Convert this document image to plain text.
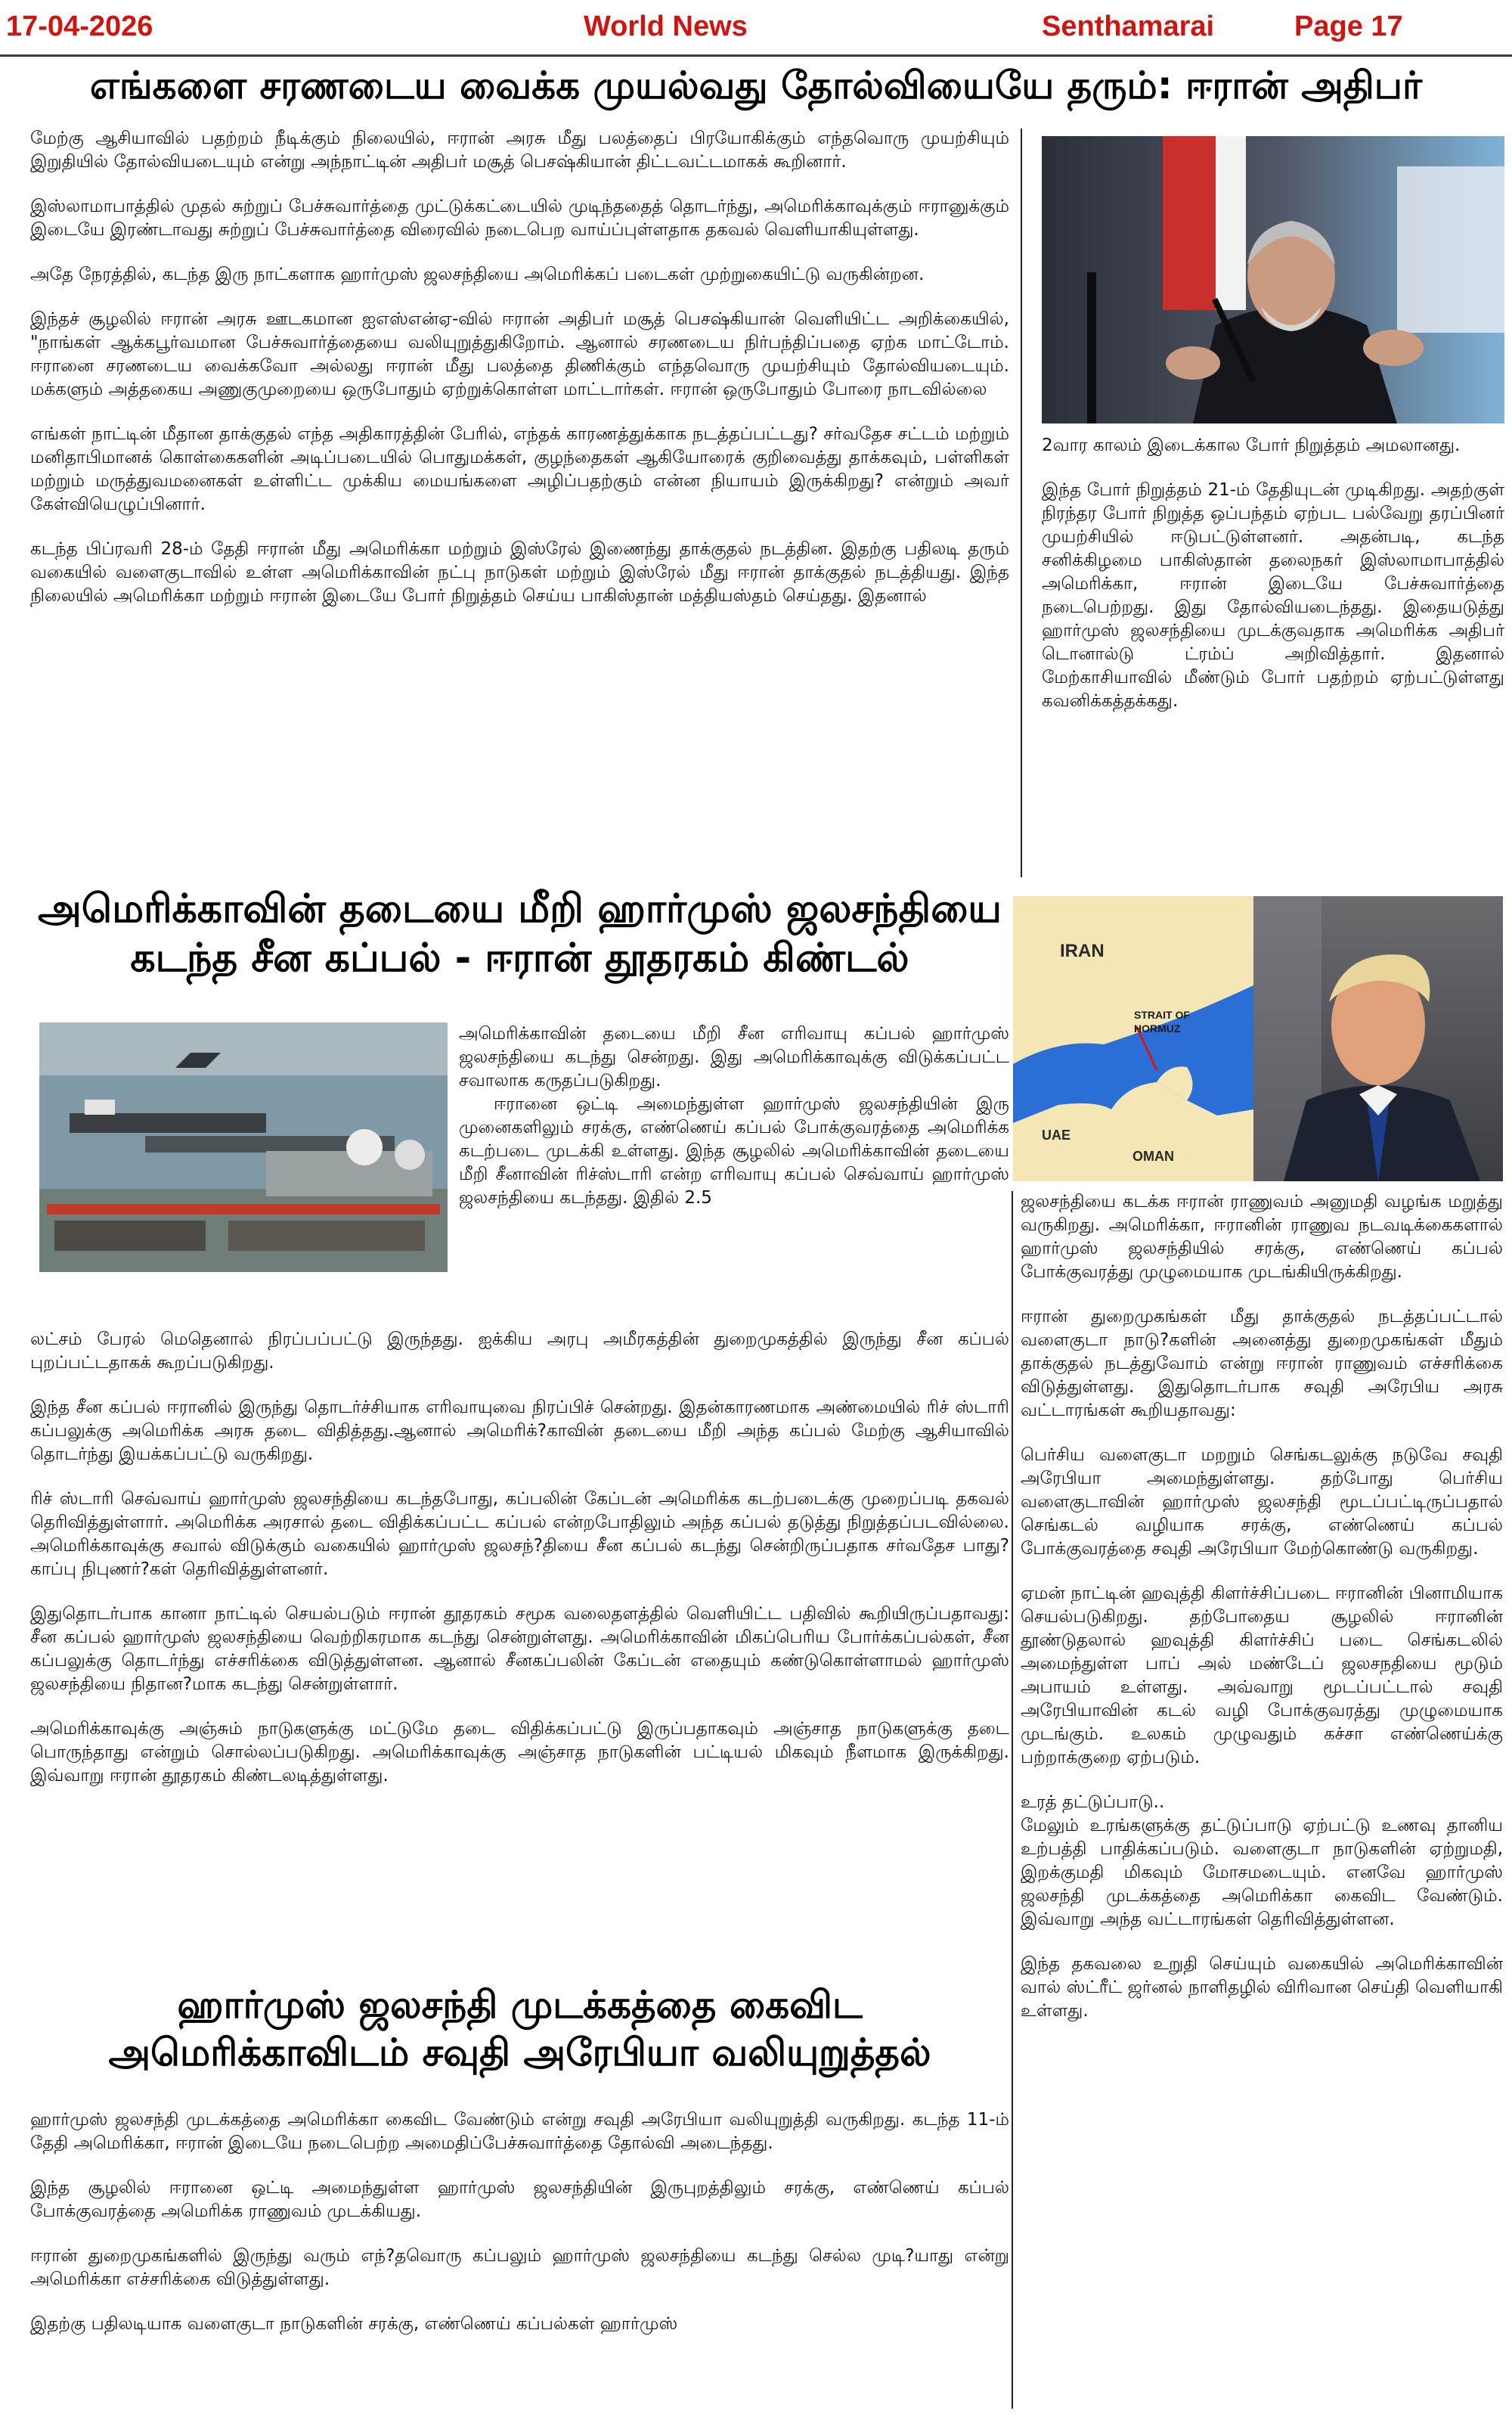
17-04-2026	World News	Senthamarai	Page 17
எங்களை சரணடைய வைக்க முயல்வது தோல்வியையே தரும்: ஈரான் அதிபர்

மேற்கு ஆசியாவில் பதற்றம் நீடிக்கும் நிலையில், ஈரான் அரசு மீது பலத்தைப் பிரயோகிக்கும் எந்தவொரு முயற்சியும் இறுதியில் தோல்வியடையும் என்று அந்நாட்டின் அதிபர் மசூத் பெசஷ்கியான் திட்டவட்டமாகக் கூறினார்.

இஸ்லாமாபாத்தில் முதல் சுற்றுப் பேச்சுவார்த்தை முட்டுக்கட்டையில் முடிந்ததைத் தொடர்ந்து, அமெரிக்காவுக்கும் ஈரானுக்கும் இடையே இரண்டாவது சுற்றுப் பேச்சுவார்த்தை விரைவில் நடைபெற வாய்ப்புள்ளதாக தகவல் வெளியாகியுள்ளது.

அதே நேரத்தில், கடந்த இரு நாட்களாக ஹார்முஸ் ஜலசந்தியை அமெரிக்கப் படைகள் முற்றுகையிட்டு வருகின்றன.

இந்தச் சூழலில் ஈரான் அரசு ஊடகமான ஐஎஸ்என்ஏ-வில் ஈரான் அதிபர் மசூத் பெசஷ்கியான் வெளியிட்ட அறிக்கையில், "நாங்கள் ஆக்கபூர்வமான பேச்சுவார்த்தையை வலியுறுத்துகிறோம். ஆனால் சரணடைய நிர்பந்திப்பதை ஏற்க மாட்டோம். ஈரானை சரணடைய வைக்கவோ அல்லது ஈரான் மீது பலத்தை திணிக்கும் எந்தவொரு முயற்சியும் தோல்வியடையும். மக்களும் அத்தகைய அணுகுமுறையை ஒருபோதும் ஏற்றுக்கொள்ள மாட்டார்கள். ஈரான் ஒருபோதும் போரை நாடவில்லை

எங்கள் நாட்டின் மீதான தாக்குதல் எந்த அதிகாரத்தின் பேரில், எந்தக் காரணத்துக்காக நடத்தப்பட்டது? சர்வதேச சட்டம் மற்றும் மனிதாபிமானக் கொள்கைகளின் அடிப்படையில் பொதுமக்கள், குழந்தைகள் ஆகியோரைக் குறிவைத்து தாக்கவும், பள்ளிகள் மற்றும் மருத்துவமனைகள் உள்ளிட்ட முக்கிய மையங்களை அழிப்பதற்கும் என்ன நியாயம் இருக்கிறது? என்றும் அவர் கேள்வியெழுப்பினார்.

கடந்த பிப்ரவரி 28-ம் தேதி ஈரான் மீது அமெரிக்கா மற்றும் இஸ்ரேல் இணைந்து தாக்குதல் நடத்தின. இதற்கு பதிலடி தரும் வகையில் வளைகுடாவில் உள்ள அமெரிக்காவின் நட்பு நாடுகள் மற்றும் இஸ்ரேல் மீது ஈரான் தாக்குதல் நடத்தியது. இந்த நிலையில் அமெரிக்கா மற்றும் ஈரான் இடையே போர் நிறுத்தம் செய்ய பாகிஸ்தான் மத்தியஸ்தம் செய்தது. இதனால்

2வார காலம் இடைக்கால போர் நிறுத்தம் அமலானது.

இந்த போர் நிறுத்தம் 21-ம் தேதியுடன் முடிகிறது. அதற்குள் நிரந்தர போர் நிறுத்த ஒப்பந்தம் ஏற்பட பல்வேறு தரப்பினர் முயற்சியில் ஈடுபட்டுள்ளனர். அதன்படி, கடந்த சனிக்கிழமை பாகிஸ்தான் தலைநகர் இஸ்லாமாபாத்தில் அமெரிக்கா, ஈரான் இடையே பேச்சுவார்த்தை நடைபெற்றது. இது தோல்வியடைந்தது. இதையடுத்து ஹார்முஸ் ஜலசந்தியை முடக்குவதாக அமெரிக்க அதிபர் டொனால்டு ட்ரம்ப் அறிவித்தார். இதனால் மேற்காசியாவில் மீண்டும் போர் பதற்றம் ஏற்பட்டுள்ளது கவனிக்கத்தக்கது.

அமெரிக்காவின் தடையை மீறி ஹார்முஸ் ஜலசந்தியை
கடந்த சீன கப்பல் - ஈரான் தூதரகம் கிண்டல்

அமெரிக்காவின் தடையை மீறி சீன எரிவாயு கப்பல் ஹார்முஸ் ஜலசந்தியை கடந்து சென்றது. இது அமெரிக்காவுக்கு விடுக்கப்பட்ட சவாலாக கருதப்படுகிறது.

ஈரானை ஒட்டி அமைந்துள்ள ஹார்முஸ் ஜலசந்தியின் இரு முனைகளிலும் சரக்கு, எண்ணெய் கப்பல் போக்குவரத்தை அமெரிக்க கடற்படை முடக்கி உள்ளது. இந்த சூழலில் அமெரிக்காவின் தடையை மீறி சீனாவின் ரிச்ஸ்டாரி என்ற எரிவாயு கப்பல் செவ்வாய் ஹார்முஸ் ஜலசந்தியை கடந்தது. இதில் 2.5

லட்சம் பேரல் மெதெனால் நிரப்பப்பட்டு இருந்தது. ஐக்கிய அரபு அமீரகத்தின் துறைமுகத்தில் இருந்து சீன கப்பல் புறப்பட்டதாகக் கூறப்படுகிறது.

இந்த சீன கப்பல் ஈரானில் இருந்து தொடர்ச்சியாக எரிவாயுவை நிரப்பிச் சென்றது. இதன்காரணமாக அண்மையில் ரிச் ஸ்டாரி கப்பலுக்கு அமெரிக்க அரசு தடை விதித்தது.ஆனால் அமெரிக்?காவின் தடையை மீறி அந்த கப்பல் மேற்கு ஆசியாவில் தொடர்ந்து இயக்கப்பட்டு வருகிறது.

ரிச் ஸ்டாரி செவ்வாய் ஹார்முஸ் ஜலசந்தியை கடந்தபோது, கப்பலின் கேப்டன் அமெரிக்க கடற்படைக்கு முறைப்படி தகவல் தெரிவித்துள்ளார். அமெரிக்க அரசால் தடை விதிக்கப்பட்ட கப்பல் என்றபோதிலும் அந்த கப்பல் தடுத்து நிறுத்தப்படவில்லை. அமெரிக்காவுக்கு சவால் விடுக்கும் வகையில் ஹார்முஸ் ஜலசந்?தியை சீன கப்பல் கடந்து சென்றிருப்பதாக சர்வதேச பாது?காப்பு நிபுணர்?கள் தெரிவித்துள்ளனர்.

இதுதொடர்பாக கானா நாட்டில் செயல்படும் ஈரான் தூதரகம் சமூக வலைதளத்தில் வெளியிட்ட பதிவில் கூறியிருப்பதாவது: சீன கப்பல் ஹார்முஸ் ஜலசந்தியை வெற்றிகரமாக கடந்து சென்றுள்ளது. அமெரிக்காவின் மிகப்பெரிய போர்க்கப்பல்கள், சீன கப்பலுக்கு தொடர்ந்து எச்சரிக்கை விடுத்துள்ளன. ஆனால் சீனகப்பலின் கேப்டன் எதையும் கண்டுகொள்ளாமல் ஹார்முஸ் ஜலசந்தியை நிதான?மாக கடந்து சென்றுள்ளார்.

அமெரிக்காவுக்கு அஞ்சும் நாடுகளுக்கு மட்டுமே தடை விதிக்கப்பட்டு இருப்பதாகவும் அஞ்சாத நாடுகளுக்கு தடை பொருந்தாது என்றும் சொல்லப்படுகிறது. அமெரிக்காவுக்கு அஞ்சாத நாடுகளின் பட்டியல் மிகவும் நீளமாக இருக்கிறது. இவ்வாறு ஈரான் தூதரகம் கிண்டலடித்துள்ளது.

IRAN
STRAIT OF
HORMUZ
UAE
OMAN

ஜலசந்தியை கடக்க ஈரான் ராணுவம் அனுமதி வழங்க மறுத்து வருகிறது. அமெரிக்கா, ஈரானின் ராணுவ நடவடிக்கைகளால் ஹார்முஸ் ஜலசந்தியில் சரக்கு, எண்ணெய் கப்பல் போக்குவரத்து முழுமையாக முடங்கியிருக்கிறது.

ஈரான் துறைமுகங்கள் மீது தாக்குதல் நடத்தப்பட்டால் வளைகுடா நாடு?களின் அனைத்து துறைமுகங்கள் மீதும் தாக்குதல் நடத்துவோம் என்று ஈரான் ராணுவம் எச்சரிக்கை விடுத்துள்ளது. இதுதொடர்பாக சவுதி அரேபிய அரசு வட்டாரங்கள் கூறியதாவது:

பெர்சிய வளைகுடா மறறும் செங்கடலுக்கு நடுவே சவுதி அரேபியா அமைந்துள்ளது. தற்போது பெர்சிய வளைகுடாவின் ஹார்முஸ் ஜலசந்தி மூடப்பட்டிருப்பதால் செங்கடல் வழியாக சரக்கு, எண்ணெய் கப்பல் போக்குவரத்தை சவுதி அரேபியா மேற்கொண்டு வருகிறது.

ஏமன் நாட்டின் ஹவுத்தி கிளர்ச்சிப்படை ஈரானின் பினாமியாக செயல்படுகிறது. தற்போதைய சூழலில் ஈரானின் தூண்டுதலால் ஹவுத்தி கிளர்ச்சிப் படை செங்கடலில் அமைந்துள்ள பாப் அல் மண்டேப் ஜலசநதியை மூடும் அபாயம் உள்ளது. அவ்வாறு மூடப்பட்டால் சவுதி அரேபியாவின் கடல் வழி போக்குவரத்து முழுமையாக முடங்கும். உலகம் முழுவதும் கச்சா எண்ணெய்க்கு பற்றாக்குறை ஏற்படும்.

உரத் தட்டுப்பாடு..

மேலும் உரங்களுக்கு தட்டுப்பாடு ஏற்பட்டு உணவு தானிய உற்பத்தி பாதிக்கப்படும். வளைகுடா நாடுகளின் ஏற்றுமதி, இறக்குமதி மிகவும் மோசமடையும். எனவே ஹார்முஸ் ஜலசந்தி முடக்கத்தை அமெரிக்கா கைவிட வேண்டும். இவ்வாறு அந்த வட்டாரங்கள் தெரிவித்துள்ளன.

இந்த தகவலை உறுதி செய்யும் வகையில் அமெரிக்காவின் வால் ஸ்ட்ரீட் ஜர்னல் நாளிதழில் விரிவான செய்தி வெளியாகி உள்ளது.

ஹார்முஸ் ஜலசந்தி முடக்கத்தை கைவிட
அமெரிக்காவிடம் சவுதி அரேபியா வலியுறுத்தல்

ஹார்முஸ் ஜலசந்தி முடக்கத்தை அமெரிக்கா கைவிட வேண்டும் என்று சவுதி அரேபியா வலியுறுத்தி வருகிறது. கடந்த 11-ம் தேதி அமெரிக்கா, ஈரான் இடையே நடைபெற்ற அமைதிப்பேச்சுவார்த்தை தோல்வி அடைந்தது.

இந்த சூழலில் ஈரானை ஒட்டி அமைந்துள்ள ஹார்முஸ் ஜலசந்தியின் இருபுறத்திலும் சரக்கு, எண்ணெய் கப்பல் போக்குவரத்தை அமெரிக்க ராணுவம் முடக்கியது.

ஈரான் துறைமுகங்களில் இருந்து வரும் எந்?தவொரு கப்பலும் ஹார்முஸ் ஜலசந்தியை கடந்து செல்ல முடி?யாது என்று அமெரிக்கா எச்சரிக்கை விடுத்துள்ளது.

இதற்கு பதிலடியாக வளைகுடா நாடுகளின் சரக்கு, எண்ணெய் கப்பல்கள் ஹார்முஸ்
